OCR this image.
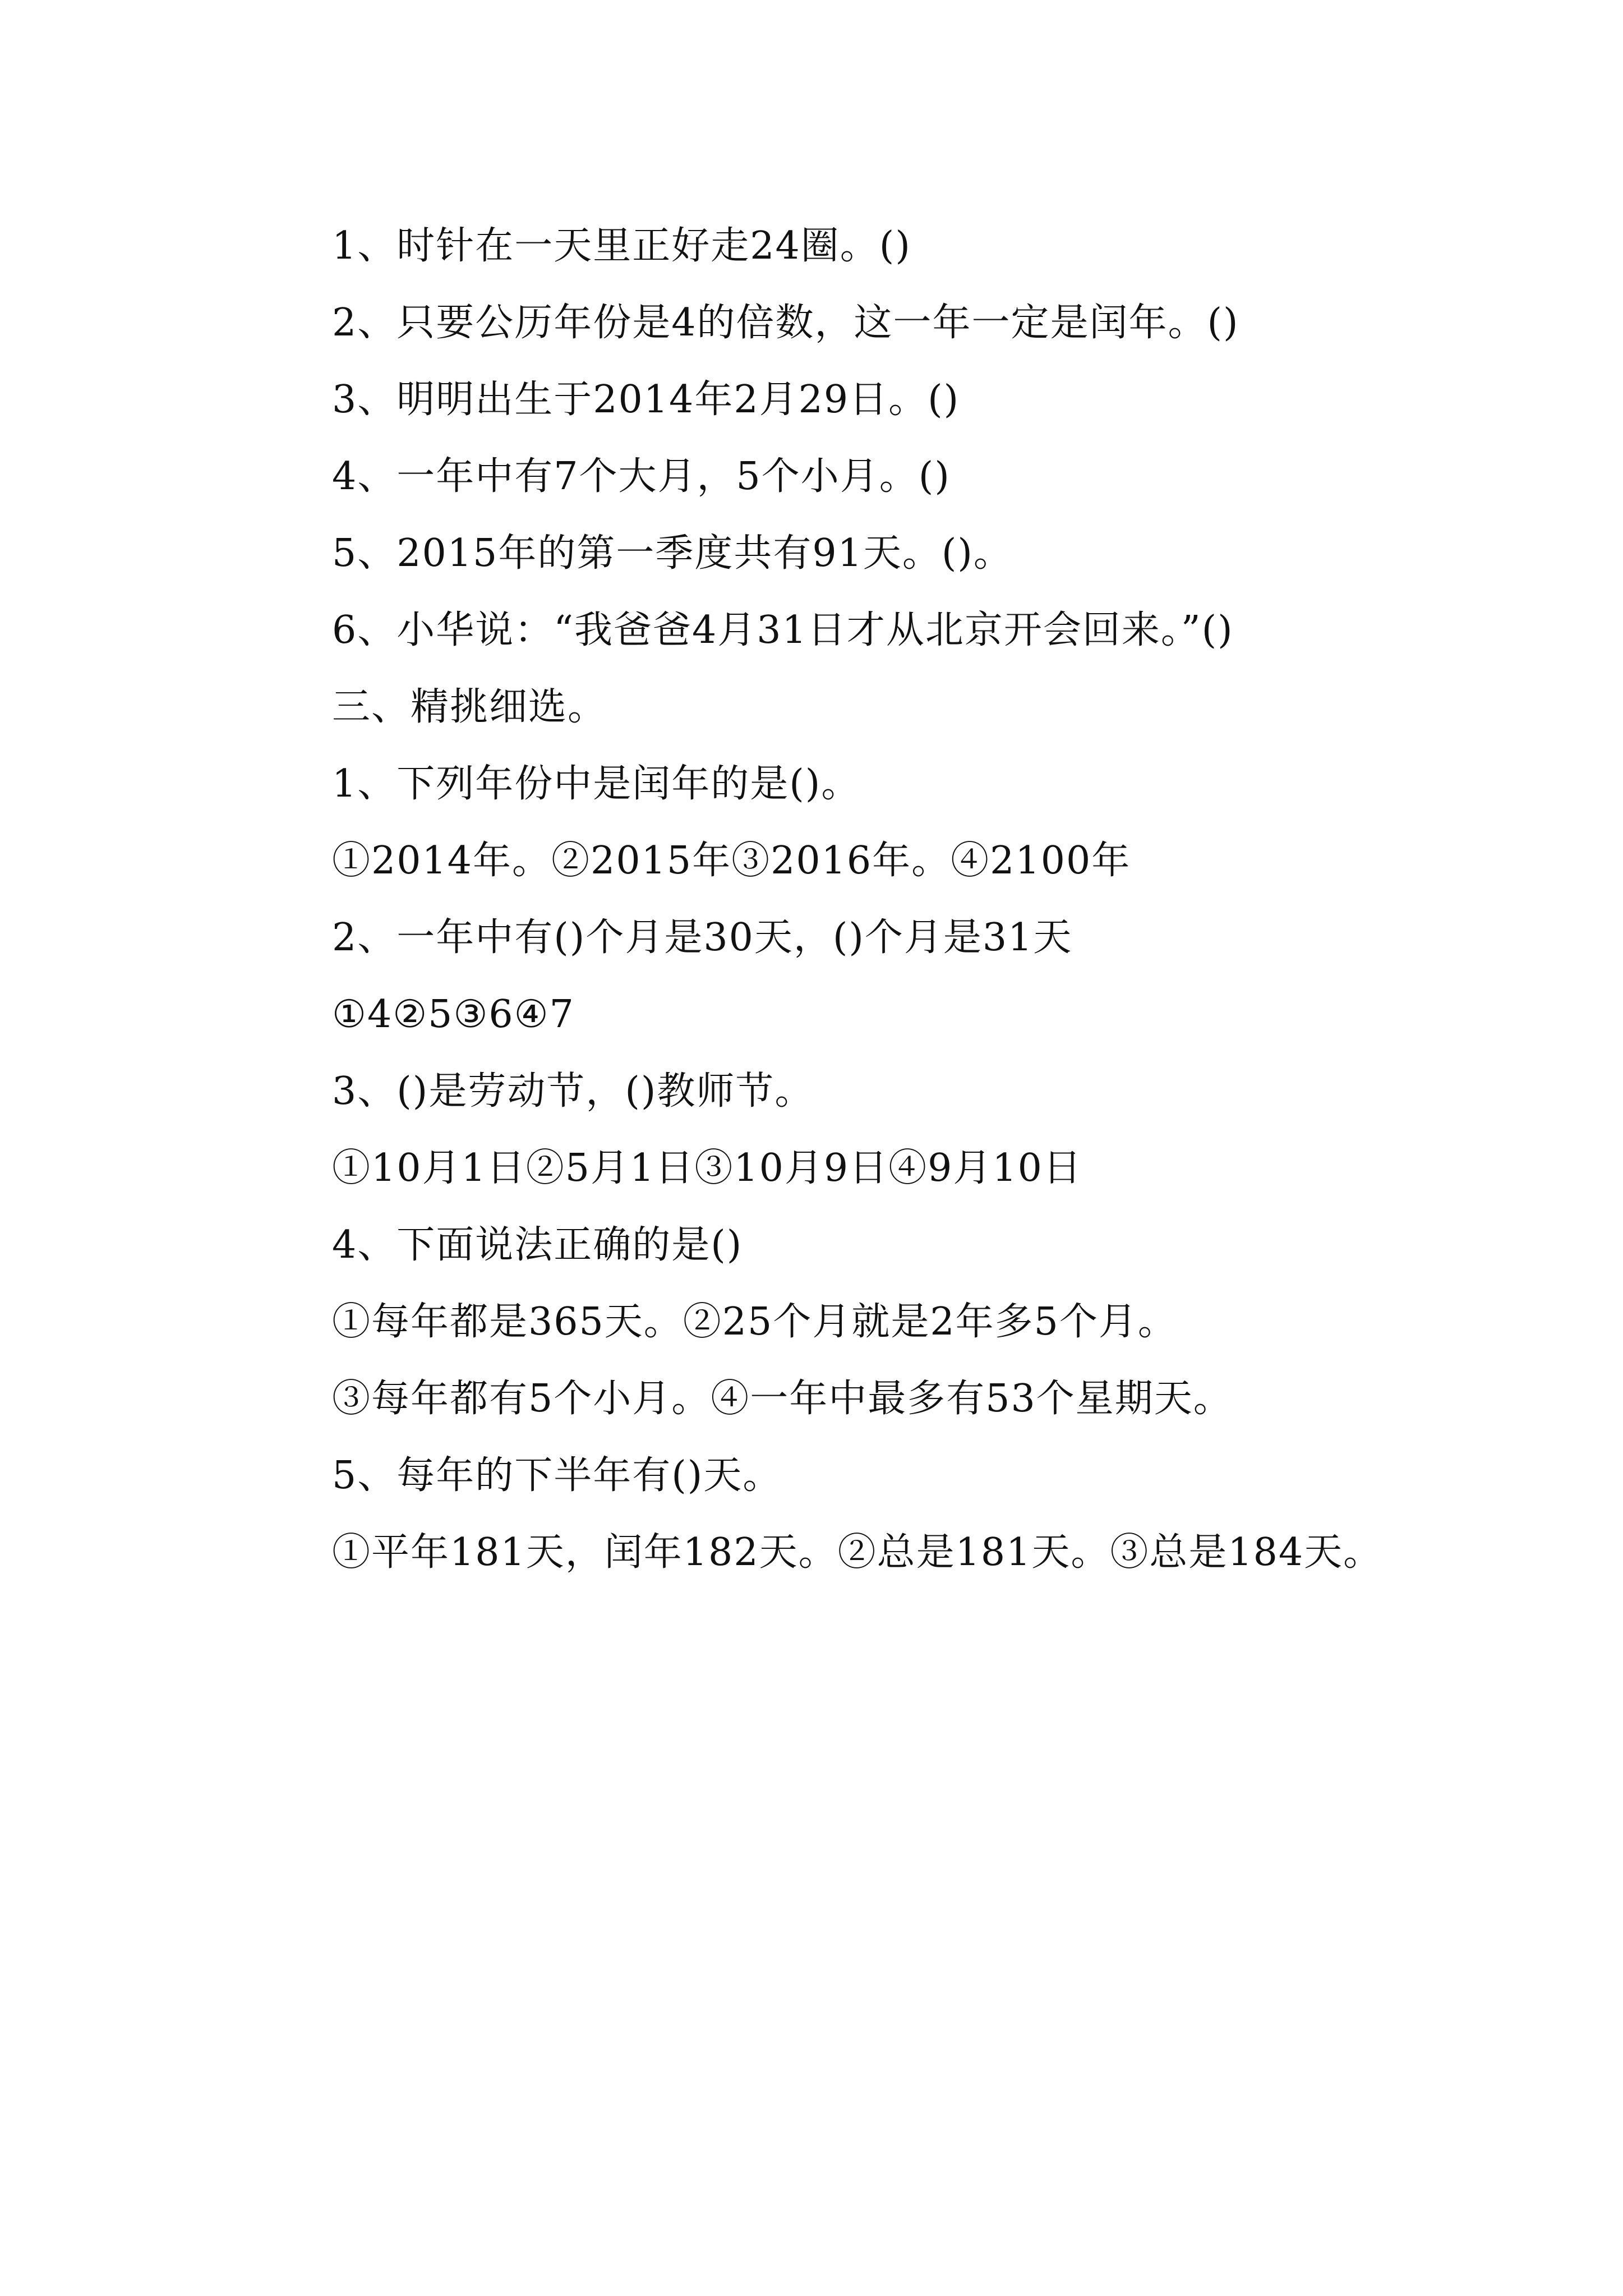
1、时针在一天里正好走24圈。()
2、只要公历年份是4的倍数，这一年一定是闰年。()
3、明明出生于2014年2月29日。()
4、一年中有7个大月，5个小月。()
5、2015年的第一季度共有91天。()。
6、小华说：“我爸爸4月31日才从北京开会回来。”()
三、精挑细选。
1、下列年份中是闰年的是()。
①2014年。②2015年③2016年。④2100年
2、一年中有()个月是30天，()个月是31天
①4②5③6④7
3、()是劳动节，()教师节。
①10月1日②5月1日③10月9日④9月10日
4、下面说法正确的是()
①每年都是365天。②25个月就是2年多5个月。
③每年都有5个小月。④一年中最多有53个星期天。
5、每年的下半年有()天。
①平年181天，闰年182天。②总是181天。③总是184天。
